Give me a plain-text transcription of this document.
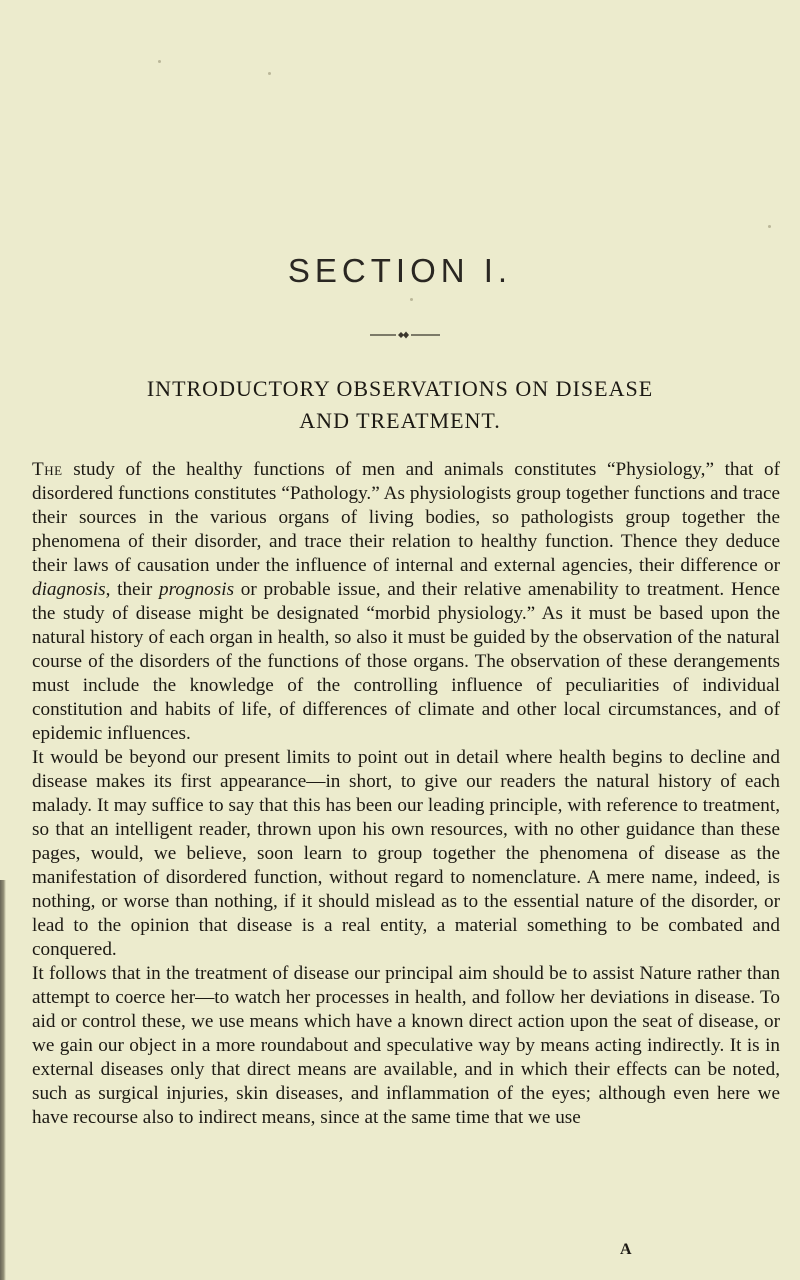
SECTION I.
INTRODUCTORY OBSERVATIONS ON DISEASE
AND TREATMENT.

The study of the healthy functions of men and animals constitutes “Physiology,” that of disordered functions constitutes “Pathology.” As physiologists group together functions and trace their sources in the various organs of living bodies, so pathologists group together the phenomena of their disorder, and trace their relation to healthy function. Thence they deduce their laws of causation under the influence of internal and external agencies, their difference or diagnosis, their prognosis or probable issue, and their relative amenability to treatment. Hence the study of disease might be designated “morbid physiology.” As it must be based upon the natural history of each organ in health, so also it must be guided by the observation of the natural course of the disorders of the functions of those organs. The observation of these derangements must include the knowledge of the controlling influence of peculiarities of individual constitution and habits of life, of differences of climate and other local circumstances, and of epidemic influences.

It would be beyond our present limits to point out in detail where health begins to decline and disease makes its first appearance—in short, to give our readers the natural history of each malady. It may suffice to say that this has been our leading principle, with reference to treatment, so that an intelligent reader, thrown upon his own resources, with no other guidance than these pages, would, we believe, soon learn to group together the phenomena of disease as the manifestation of disordered function, without regard to nomenclature. A mere name, indeed, is nothing, or worse than nothing, if it should mislead as to the essential nature of the disorder, or lead to the opinion that disease is a real entity, a material something to be combated and conquered.

It follows that in the treatment of disease our principal aim should be to assist Nature rather than attempt to coerce her—to watch her processes in health, and follow her deviations in disease. To aid or control these, we use means which have a known direct action upon the seat of disease, or we gain our object in a more roundabout and speculative way by means acting indirectly. It is in external diseases only that direct means are available, and in which their effects can be noted, such as surgical injuries, skin diseases, and inflammation of the eyes; although even here we have recourse also to indirect means, since at the same time that we use

A
